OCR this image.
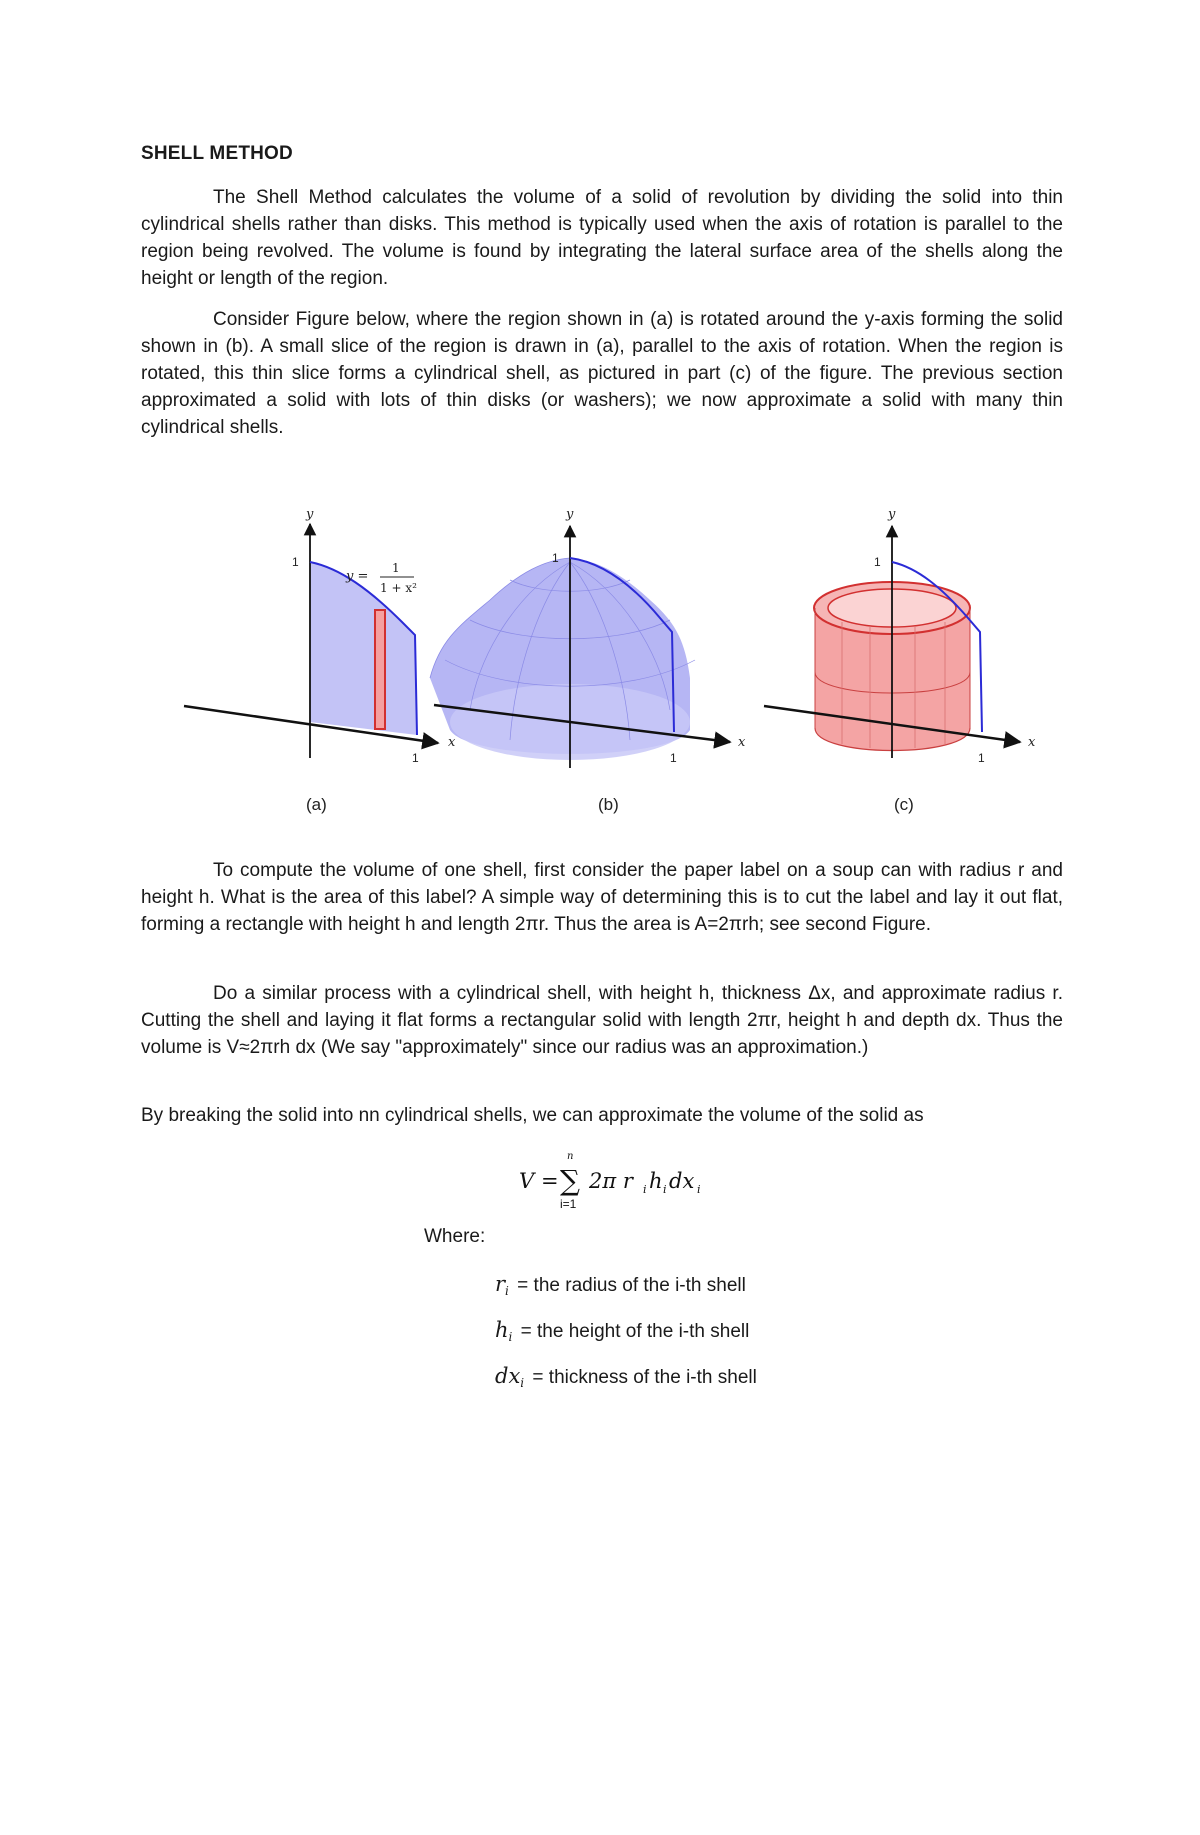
SHELL METHOD

The Shell Method calculates the volume of a solid of revolution by dividing the solid into thin cylindrical shells rather than disks. This method is typically used when the axis of rotation is parallel to the region being revolved. The volume is found by integrating the lateral surface area of the shells along the height or length of the region.

Consider Figure below, where the region shown in (a) is rotated around the y-axis forming the solid shown in (b). A small slice of the region is drawn in (a), parallel to the axis of rotation. When the region is rotated, this thin slice forms a cylindrical shell, as pictured in part (c) of the figure. The previous section approximated a solid with lots of thin disks (or washers); we now approximate a solid with many thin cylindrical shells.

y
x
1
1
y =
1
1 + x²
(a)
y
x
1
1
(b)
y
x
1
1
(c)

To compute the volume of one shell, first consider the paper label on a soup can with radius r and height h. What is the area of this label? A simple way of determining this is to cut the label and lay it out flat, forming a rectangle with height h and length 2πr. Thus the area is A=2πrh; see second Figure.

Do a similar process with a cylindrical shell, with height h, thickness Δx, and approximate radius r. Cutting the shell and laying it flat forms a rectangular solid with length 2πr, height h and depth dx. Thus the volume is V≈2πrh dx (We say "approximately" since our radius was an approximation.)

By breaking the solid into nn cylindrical shells, we can approximate the volume of the solid as

V = ∑
n
i=1
2π r i h i dx i
Where:
$r_i$ = the radius of the i-th shell
$h_i$ = the height of the i-th shell
$dx_i$ = thickness of the i-th shell
